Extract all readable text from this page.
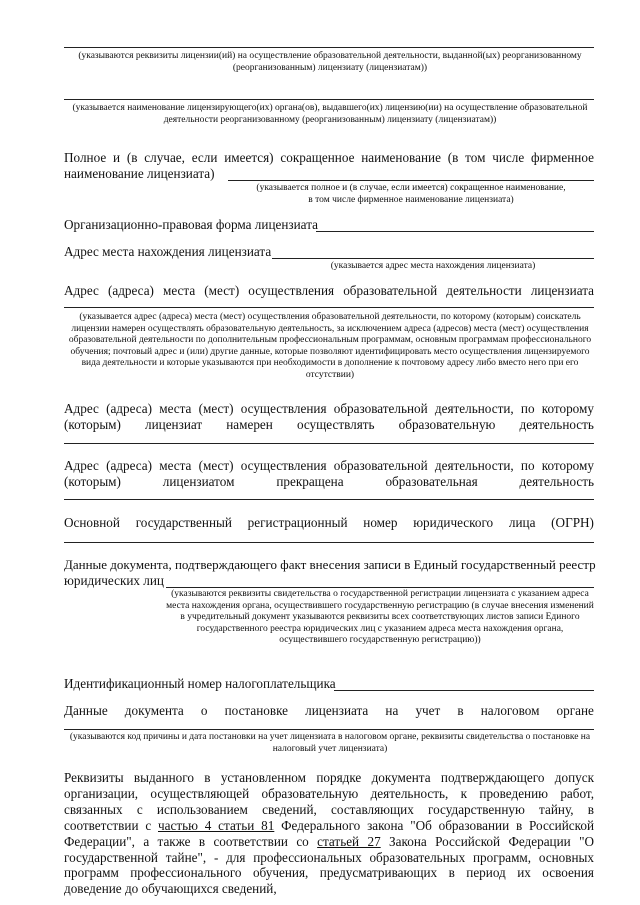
(указываются реквизиты лицензии(ий) на осуществление образовательной деятельности, выданной(ых) реорганизованному (реорганизованным) лицензиату (лицензиатам))
(указывается наименование лицензирующего(их) органа(ов), выдавшего(их) лицензию(ии) на осуществление образовательной деятельности реорганизованному (реорганизованным) лицензиату (лицензиатам))
Полное и (в случае, если имеется) сокращенное наименование (в том числе фирменное
наименование лицензиата)
(указывается полное и (в случае, если имеется) сокращенное наименование,
в том числе фирменное наименование лицензиата)
Организационно-правовая форма лицензиата
Адрес места нахождения лицензиата
(указывается адрес места нахождения лицензиата)
Адрес (адреса) места (мест) осуществления образовательной деятельности лицензиата
(указывается адрес (адреса) места (мест) осуществления образовательной деятельности, по которому (которым) соискатель лицензии намерен осуществлять образовательную деятельность, за исключением адреса (адресов) места (мест) осуществления образовательной деятельности по дополнительным профессиональным программам, основным программам профессионального обучения; почтовый адрес и (или) другие данные, которые позволяют идентифицировать место осуществления лицензируемого вида деятельности и которые указываются при необходимости в дополнение к почтовому адресу либо вместо него при его отсутствии)
Адрес (адреса) места (мест) осуществления образовательной деятельности, по которому
(которым) лицензиат намерен осуществлять образовательную деятельность
Адрес (адреса) места (мест) осуществления образовательной деятельности, по которому
(которым)	лицензиатом	прекращена	образовательная	деятельность
Основной государственный регистрационный номер юридического лица (ОГРН)
Данные документа, подтверждающего факт внесения записи в Единый государственный реестр
юридических лиц
(указываются реквизиты свидетельства о государственной регистрации лицензиата с указанием адреса места нахождения органа, осуществившего государственную регистрацию (в случае внесения изменений в учредительный документ указываются реквизиты всех соответствующих листов записи Единого государственного реестра юридических лиц с указанием адреса места нахождения органа, осуществившего государственную регистрацию))
Идентификационный номер налогоплательщика
Данные документа о постановке лицензиата на учет в налоговом органе
(указываются код причины и дата постановки на учет лицензиата в налоговом органе, реквизиты свидетельства о постановке на налоговый учет лицензиата)
Реквизиты выданного в установленном порядке документа подтверждающего допуск организации, осуществляющей образовательную деятельность, к проведению работ, связанных с использованием сведений, составляющих государственную тайну, в соответствии с частью 4 статьи 81 Федерального закона "Об образовании в Российской Федерации", а также в соответствии со статьей 27 Закона Российской Федерации "О государственной тайне", - для профессиональных образовательных программ, основных программ профессионального обучения, предусматривающих в период их освоения доведение до обучающихся сведений,
